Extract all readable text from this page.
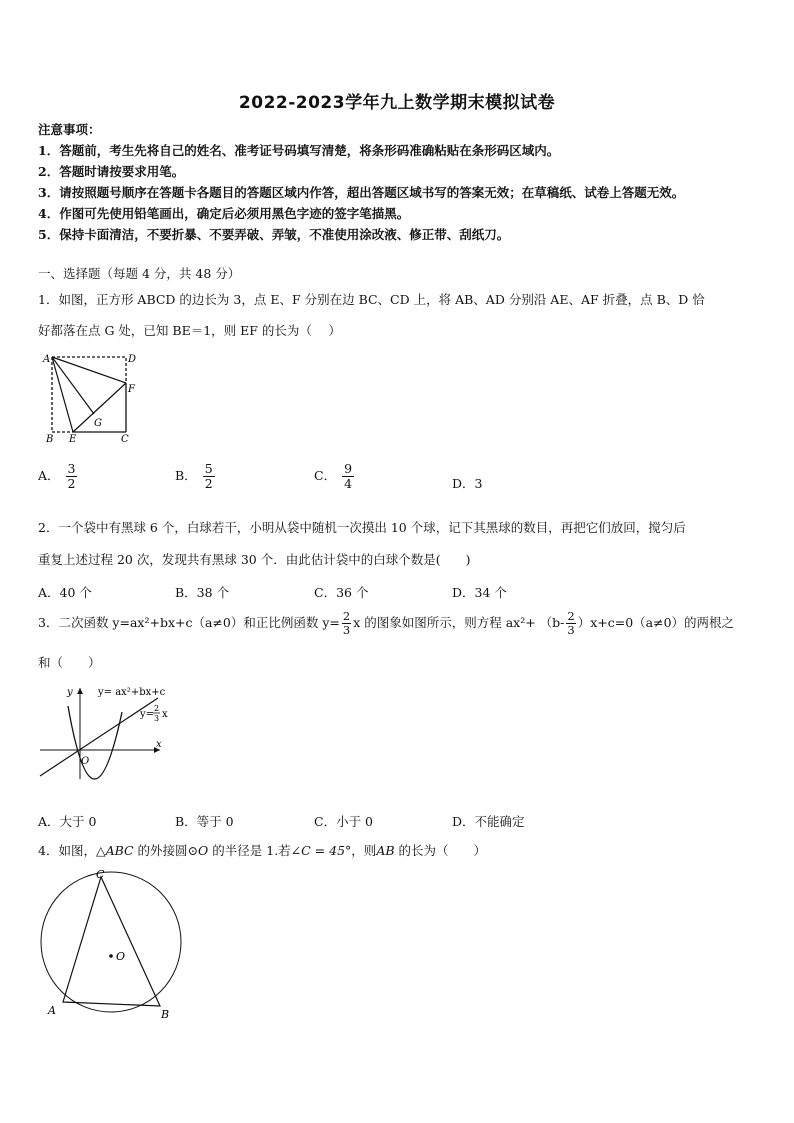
2022-2023学年九上数学期末模拟试卷
注意事项：
1．答题前，考生先将自己的姓名、准考证号码填写清楚，将条形码准确粘贴在条形码区域内。
2．答题时请按要求用笔。
3．请按照题号顺序在答题卡各题目的答题区域内作答，超出答题区域书写的答案无效；在草稿纸、试卷上答题无效。
4．作图可先使用铅笔画出，确定后必须用黑色字迹的签字笔描黑。
5．保持卡面清洁，不要折暴、不要弄破、弄皱，不准使用涂改液、修正带、刮纸刀。
一、选择题（每题 4 分，共 48 分）
1．如图，正方形 ABCD 的边长为 3，点 E、F 分别在边 BC、CD 上，将 AB、AD 分别沿 AE、AF 折叠，点 B、D 恰
好都落在点 G 处，已知 BE＝1，则 EF 的长为（　 ）
A	D
F
G
B E	C
A． $\frac{3}{2}$	B． $\frac{5}{2}$	C． $\frac{9}{4}$	D．3
2．一个袋中有黑球 6 个，白球若干，小明从袋中随机一次摸出 10 个球，记下其黑球的数目，再把它们放回，搅匀后
重复上述过程 20 次，发现共有黑球 30 个．由此估计袋中的白球个数是(　　)
A．40 个	B．38 个	C．36 个	D．34 个
3．二次函数 y=ax²+bx+c（a≠0）和正比例函数 $y= \frac{2}{3}$ x 的图象如图所示，则方程 $ax^2+ (b- \frac{2}{3} )x+c=0(a\ne 0)$的两根之
和（　　）
y
x
O
y= ax²+bx+c
y=
2
3 x
A．大于 0	B．等于 0	C．小于 0	D．不能确定
4．如图，△ABC 的外接圆⊙O 的半径是 1.若∠C = 45°，则AB 的长为（　　）
C
O
A	B
